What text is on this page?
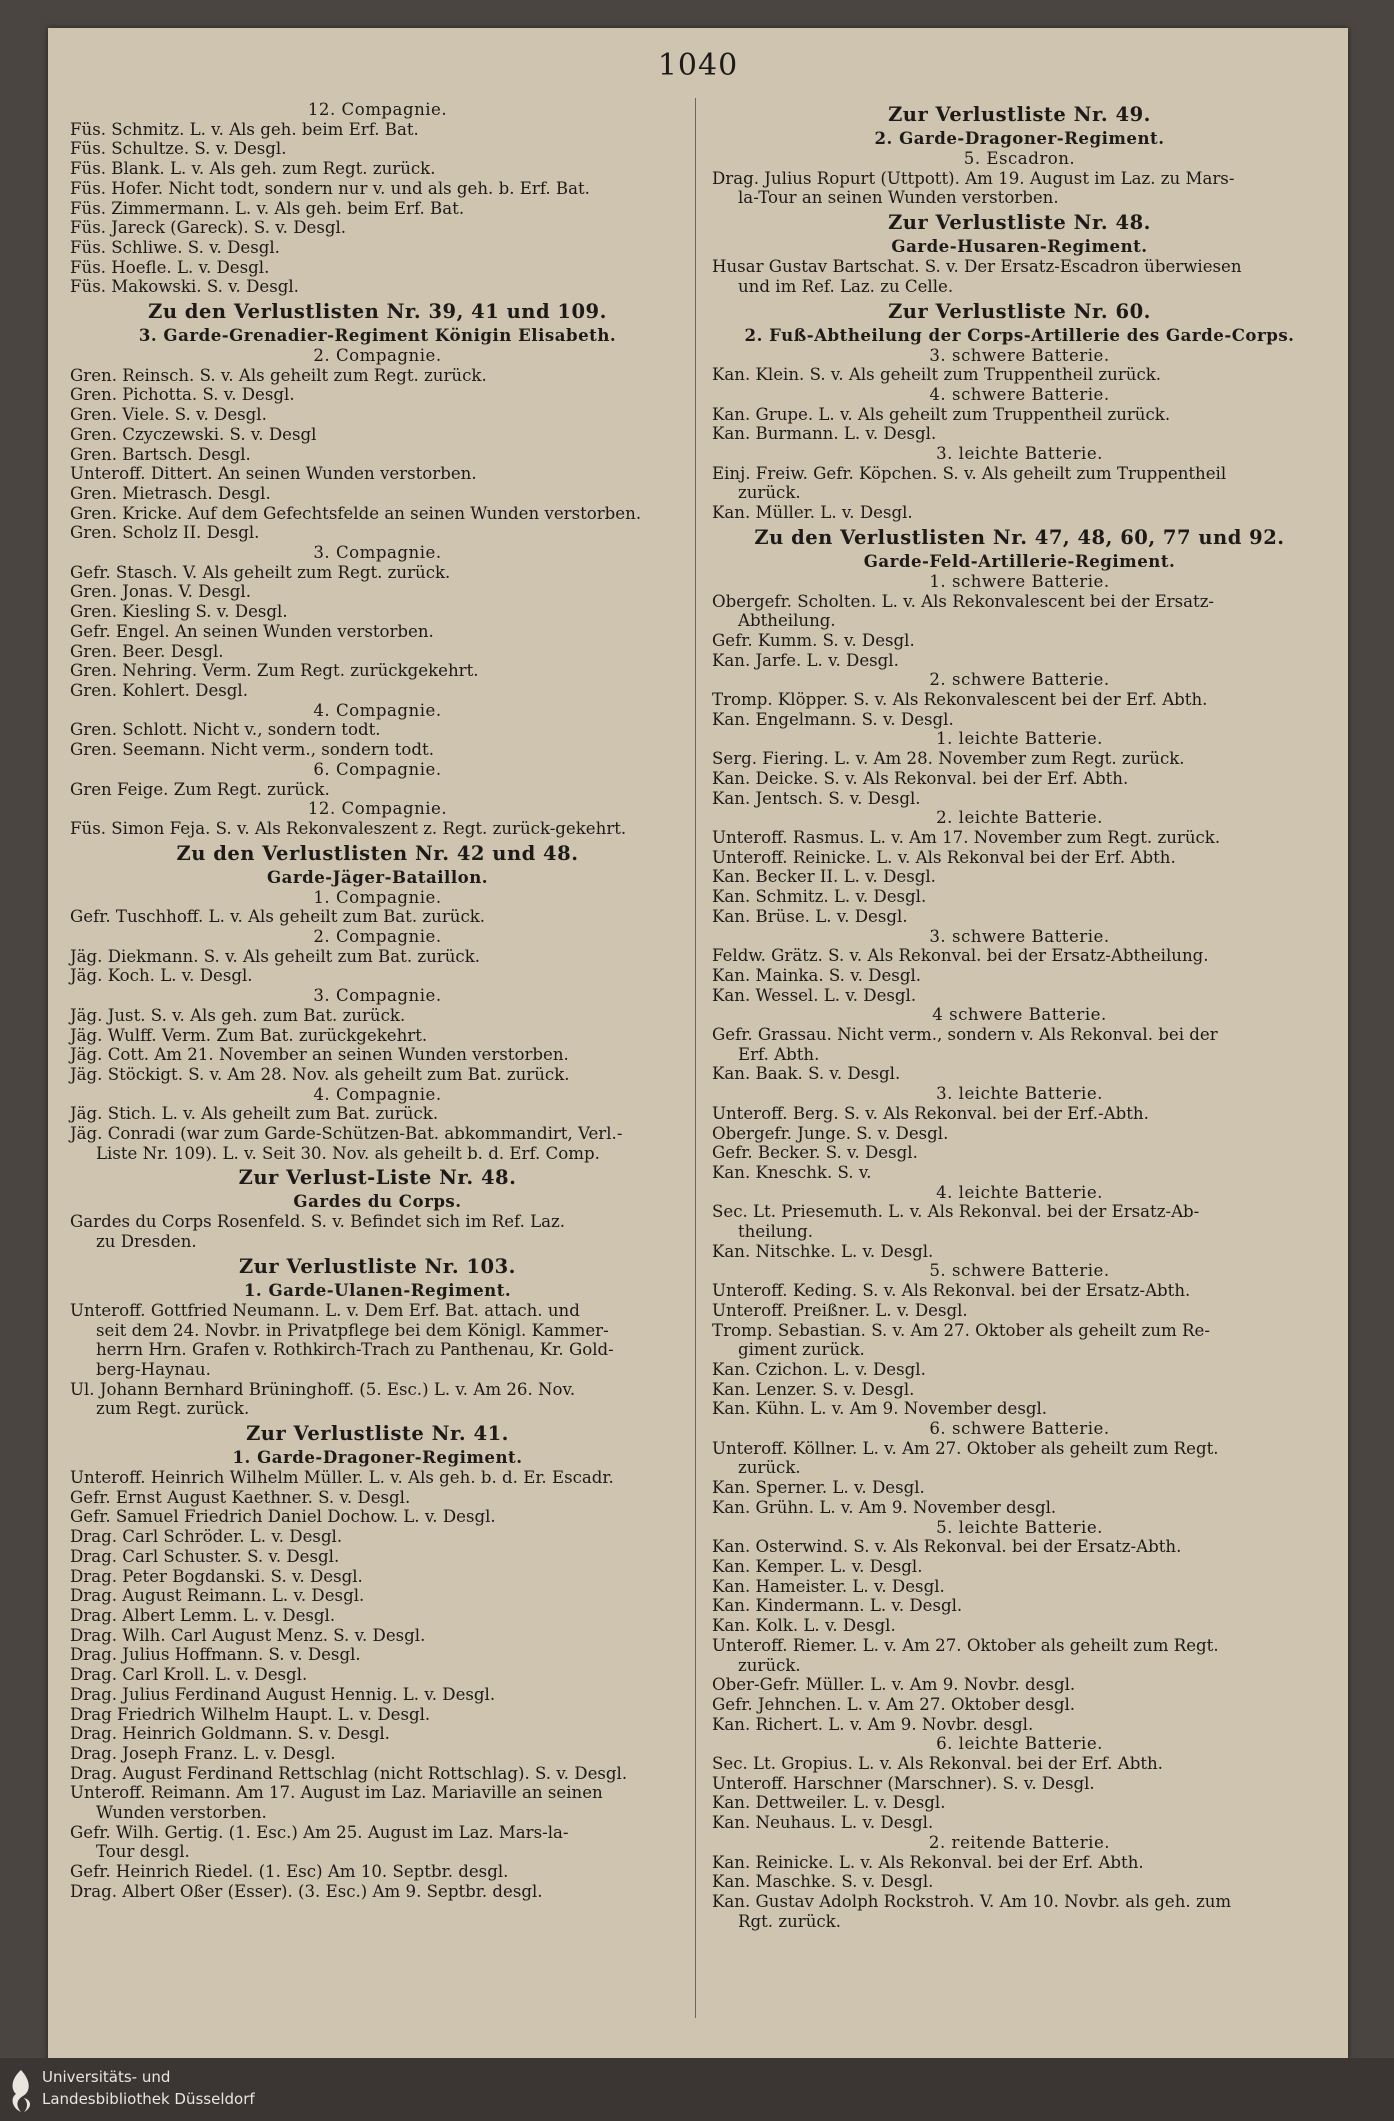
1040
12. Compagnie.
Füs. Schmitz. L. v. Als geh. beim Erf. Bat.
Füs. Schultze. S. v. Desgl.
Füs. Blank. L. v. Als geh. zum Regt. zurück.
Füs. Hofer. Nicht todt, sondern nur v. und als geh. b. Erf. Bat.
Füs. Zimmermann. L. v. Als geh. beim Erf. Bat.
Füs. Jareck (Gareck). S. v. Desgl.
Füs. Schliwe. S. v. Desgl.
Füs. Hoefle. L. v. Desgl.
Füs. Makowski. S. v. Desgl.
Zu den Verlustlisten Nr. 39, 41 und 109.
3. Garde-Grenadier-Regiment Königin Elisabeth.
2. Compagnie.
Gren. Reinsch. S. v. Als geheilt zum Regt. zurück.
Gren. Pichotta. S. v. Desgl.
Gren. Viele. S. v. Desgl.
Gren. Czyczewski. S. v. Desgl
Gren. Bartsch. Desgl.
Unteroff. Dittert. An seinen Wunden verstorben.
Gren. Mietrasch. Desgl.
Gren. Kricke. Auf dem Gefechtsfelde an seinen Wunden verstorben.
Gren. Scholz II. Desgl.
3. Compagnie.
Gefr. Stasch. V. Als geheilt zum Regt. zurück.
Gren. Jonas. V. Desgl.
Gren. Kiesling S. v. Desgl.
Gefr. Engel. An seinen Wunden verstorben.
Gren. Beer. Desgl.
Gren. Nehring. Verm. Zum Regt. zurückgekehrt.
Gren. Kohlert. Desgl.
4. Compagnie.
Gren. Schlott. Nicht v., sondern todt.
Gren. Seemann. Nicht verm., sondern todt.
6. Compagnie.
Gren Feige. Zum Regt. zurück.
12. Compagnie.
Füs. Simon Feja. S. v. Als Rekonvaleszent z. Regt. zurück-gekehrt.
Zu den Verlustlisten Nr. 42 und 48.
Garde-Jäger-Bataillon.
1. Compagnie.
Gefr. Tuschhoff. L. v. Als geheilt zum Bat. zurück.
2. Compagnie.
Jäg. Diekmann. S. v. Als geheilt zum Bat. zurück.
Jäg. Koch. L. v. Desgl.
3. Compagnie.
Jäg. Just. S. v. Als geh. zum Bat. zurück.
Jäg. Wulff. Verm. Zum Bat. zurückgekehrt.
Jäg. Cott. Am 21. November an seinen Wunden verstorben.
Jäg. Stöckigt. S. v. Am 28. Nov. als geheilt zum Bat. zurück.
4. Compagnie.
Jäg. Stich. L. v. Als geheilt zum Bat. zurück.
Jäg. Conradi (war zum Garde-Schützen-Bat. abkommandirt, Verl.-
Liste Nr. 109). L. v. Seit 30. Nov. als geheilt b. d. Erf. Comp.
Zur Verlust-Liste Nr. 48.
Gardes du Corps.
Gardes du Corps Rosenfeld. S. v. Befindet sich im Ref. Laz.
zu Dresden.
Zur Verlustliste Nr. 103.
1. Garde-Ulanen-Regiment.
Unteroff. Gottfried Neumann. L. v. Dem Erf. Bat. attach. und
seit dem 24. Novbr. in Privatpflege bei dem Königl. Kammer-
herrn Hrn. Grafen v. Rothkirch-Trach zu Panthenau, Kr. Gold-
berg-Haynau.
Ul. Johann Bernhard Brüninghoff. (5. Esc.) L. v. Am 26. Nov.
zum Regt. zurück.
Zur Verlustliste Nr. 41.
1. Garde-Dragoner-Regiment.
Unteroff. Heinrich Wilhelm Müller. L. v. Als geh. b. d. Er. Escadr.
Gefr. Ernst August Kaethner. S. v. Desgl.
Gefr. Samuel Friedrich Daniel Dochow. L. v. Desgl.
Drag. Carl Schröder. L. v. Desgl.
Drag. Carl Schuster. S. v. Desgl.
Drag. Peter Bogdanski. S. v. Desgl.
Drag. August Reimann. L. v. Desgl.
Drag. Albert Lemm. L. v. Desgl.
Drag. Wilh. Carl August Menz. S. v. Desgl.
Drag. Julius Hoffmann. S. v. Desgl.
Drag. Carl Kroll. L. v. Desgl.
Drag. Julius Ferdinand August Hennig. L. v. Desgl.
Drag Friedrich Wilhelm Haupt. L. v. Desgl.
Drag. Heinrich Goldmann. S. v. Desgl.
Drag. Joseph Franz. L. v. Desgl.
Drag. August Ferdinand Rettschlag (nicht Rottschlag). S. v. Desgl.
Unteroff. Reimann. Am 17. August im Laz. Mariaville an seinen
Wunden verstorben.
Gefr. Wilh. Gertig. (1. Esc.) Am 25. August im Laz. Mars-la-
Tour desgl.
Gefr. Heinrich Riedel. (1. Esc) Am 10. Septbr. desgl.
Drag. Albert Oßer (Esser). (3. Esc.) Am 9. Septbr. desgl.
Zur Verlustliste Nr. 49.
2. Garde-Dragoner-Regiment.
5. Escadron.
Drag. Julius Ropurt (Uttpott). Am 19. August im Laz. zu Mars-
la-Tour an seinen Wunden verstorben.
Zur Verlustliste Nr. 48.
Garde-Husaren-Regiment.
Husar Gustav Bartschat. S. v. Der Ersatz-Escadron überwiesen
und im Ref. Laz. zu Celle.
Zur Verlustliste Nr. 60.
2. Fuß-Abtheilung der Corps-Artillerie des Garde-Corps.
3. schwere Batterie.
Kan. Klein. S. v. Als geheilt zum Truppentheil zurück.
4. schwere Batterie.
Kan. Grupe. L. v. Als geheilt zum Truppentheil zurück.
Kan. Burmann. L. v. Desgl.
3. leichte Batterie.
Einj. Freiw. Gefr. Köpchen. S. v. Als geheilt zum Truppentheil
zurück.
Kan. Müller. L. v. Desgl.
Zu den Verlustlisten Nr. 47, 48, 60, 77 und 92.
Garde-Feld-Artillerie-Regiment.
1. schwere Batterie.
Obergefr. Scholten. L. v. Als Rekonvalescent bei der Ersatz-
Abtheilung.
Gefr. Kumm. S. v. Desgl.
Kan. Jarfe. L. v. Desgl.
2. schwere Batterie.
Tromp. Klöpper. S. v. Als Rekonvalescent bei der Erf. Abth.
Kan. Engelmann. S. v. Desgl.
1. leichte Batterie.
Serg. Fiering. L. v. Am 28. November zum Regt. zurück.
Kan. Deicke. S. v. Als Rekonval. bei der Erf. Abth.
Kan. Jentsch. S. v. Desgl.
2. leichte Batterie.
Unteroff. Rasmus. L. v. Am 17. November zum Regt. zurück.
Unteroff. Reinicke. L. v. Als Rekonval bei der Erf. Abth.
Kan. Becker II. L. v. Desgl.
Kan. Schmitz. L. v. Desgl.
Kan. Brüse. L. v. Desgl.
3. schwere Batterie.
Feldw. Grätz. S. v. Als Rekonval. bei der Ersatz-Abtheilung.
Kan. Mainka. S. v. Desgl.
Kan. Wessel. L. v. Desgl.
4 schwere Batterie.
Gefr. Grassau. Nicht verm., sondern v. Als Rekonval. bei der
Erf. Abth.
Kan. Baak. S. v. Desgl.
3. leichte Batterie.
Unteroff. Berg. S. v. Als Rekonval. bei der Erf.-Abth.
Obergefr. Junge. S. v. Desgl.
Gefr. Becker. S. v. Desgl.
Kan. Kneschk. S. v.
4. leichte Batterie.
Sec. Lt. Priesemuth. L. v. Als Rekonval. bei der Ersatz-Ab-
theilung.
Kan. Nitschke. L. v. Desgl.
5. schwere Batterie.
Unteroff. Keding. S. v. Als Rekonval. bei der Ersatz-Abth.
Unteroff. Preißner. L. v. Desgl.
Tromp. Sebastian. S. v. Am 27. Oktober als geheilt zum Re-
giment zurück.
Kan. Czichon. L. v. Desgl.
Kan. Lenzer. S. v. Desgl.
Kan. Kühn. L. v. Am 9. November desgl.
6. schwere Batterie.
Unteroff. Köllner. L. v. Am 27. Oktober als geheilt zum Regt.
zurück.
Kan. Sperner. L. v. Desgl.
Kan. Grühn. L. v. Am 9. November desgl.
5. leichte Batterie.
Kan. Osterwind. S. v. Als Rekonval. bei der Ersatz-Abth.
Kan. Kemper. L. v. Desgl.
Kan. Hameister. L. v. Desgl.
Kan. Kindermann. L. v. Desgl.
Kan. Kolk. L. v. Desgl.
Unteroff. Riemer. L. v. Am 27. Oktober als geheilt zum Regt.
zurück.
Ober-Gefr. Müller. L. v. Am 9. Novbr. desgl.
Gefr. Jehnchen. L. v. Am 27. Oktober desgl.
Kan. Richert. L. v. Am 9. Novbr. desgl.
6. leichte Batterie.
Sec. Lt. Gropius. L. v. Als Rekonval. bei der Erf. Abth.
Unteroff. Harschner (Marschner). S. v. Desgl.
Kan. Dettweiler. L. v. Desgl.
Kan. Neuhaus. L. v. Desgl.
2. reitende Batterie.
Kan. Reinicke. L. v. Als Rekonval. bei der Erf. Abth.
Kan. Maschke. S. v. Desgl.
Kan. Gustav Adolph Rockstroh. V. Am 10. Novbr. als geh. zum
Rgt. zurück.
Universitäts- und
Landesbibliothek Düsseldorf
